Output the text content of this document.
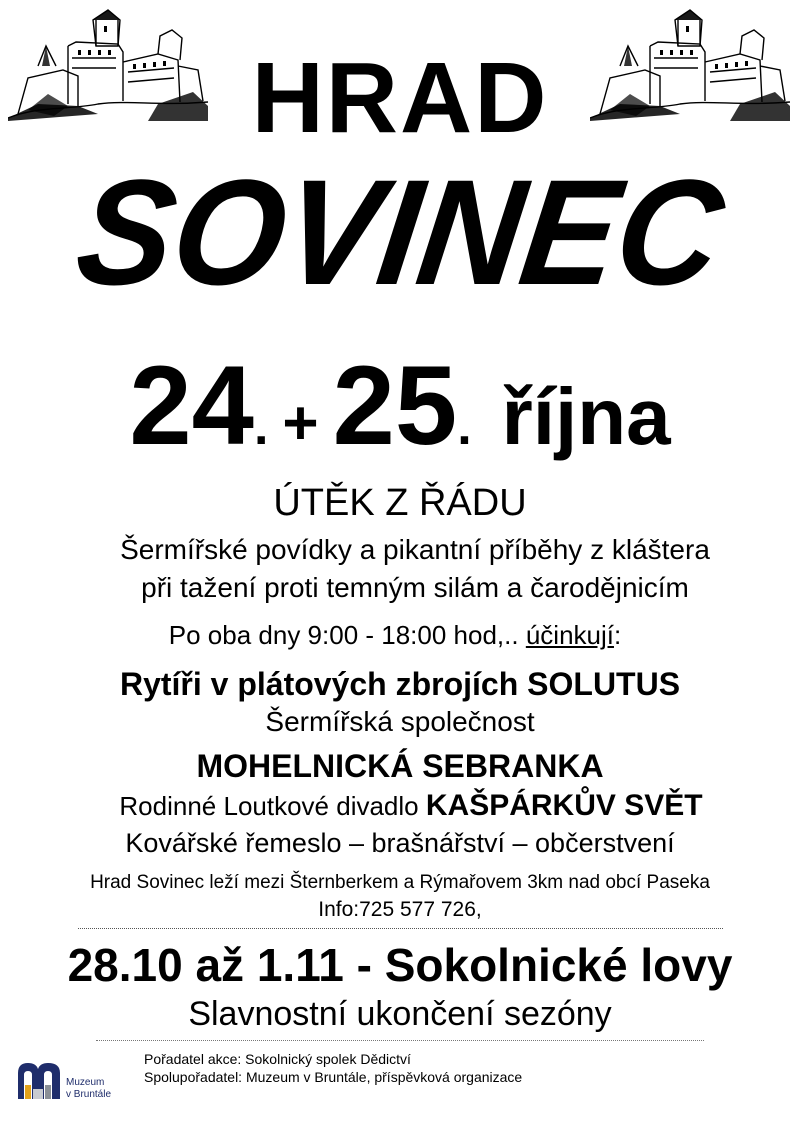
HRAD
SOVINEC
24. + 25. října
ÚTĚK Z ŘÁDU
Šermířské povídky a pikantní příběhy z kláštera
při tažení proti temným silám a čarodějnicím
Po oba dny 9:00 - 18:00 hod,.. účinkují:
Rytíři v plátových zbrojích SOLUTUS
Šermířská společnost
MOHELNICKÁ SEBRANKA
Rodinné Loutkové divadlo KAŠPÁRKŮV SVĚT
Kovářské řemeslo – brašnářství – občerstvení
Hrad Sovinec leží mezi Šternberkem a Rýmařovem 3km nad obcí Paseka
Info:725 577 726,
28.10 až 1.11 - Sokolnické lovy
Slavnostní ukončení sezóny
Muzeum
v Bruntále
Pořadatel akce: Sokolnický spolek Dědictví
Spolupořadatel: Muzeum v Bruntále, příspěvková organizace
